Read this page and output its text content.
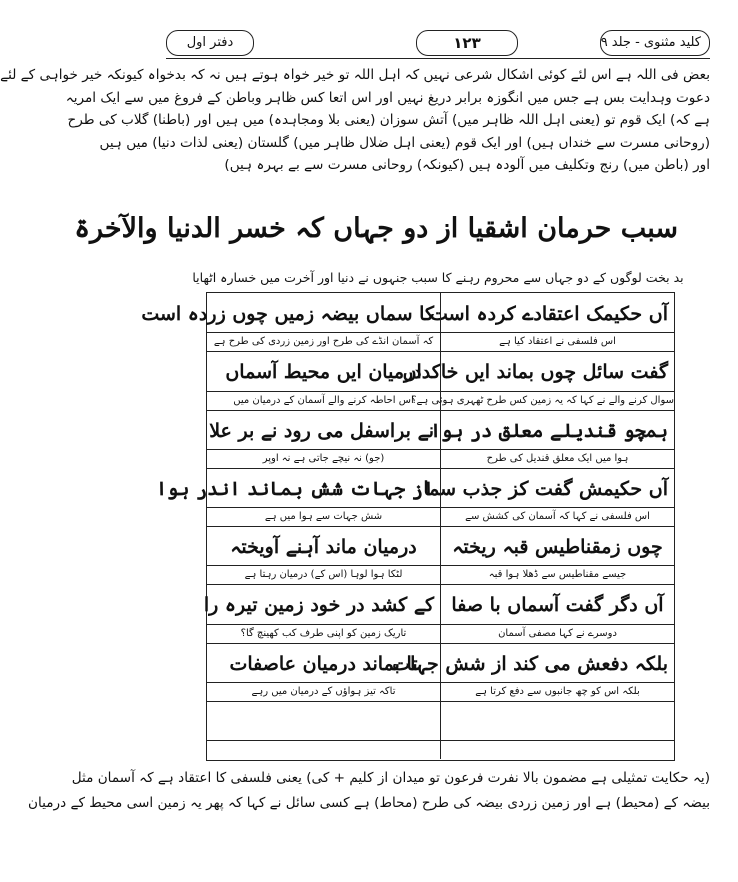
کلید مثنوی - جلد ۹
۱۲۳
دفتر اول

بعض فی اللہ ہے اس لئے کوئی اشکال شرعی نہیں کہ اہل اللہ تو خیر خواہ ہوتے ہیں نہ کہ بدخواہ کیونکہ خیر خواہی کے لئے

دعوت وہدایت بس ہے جس میں انگوزہ برابر دریغ نہیں اور اس اتعا کس ظاہر وباطن کے فروغ میں سے ایک امریہ

ہے کہ) ایک قوم تو (یعنی اہل اللہ ظاہر میں) آتش سوزان (یعنی بلا ومجاہدہ) میں ہیں اور (باطنا) گلاب کی طرح

(روحانی مسرت سے خنداں ہیں) اور ایک قوم (یعنی اہل ضلال ظاہر میں) گلستان (یعنی لذات دنیا) میں ہیں

اور (باطن میں) رنج وتکلیف میں آلودہ ہیں (کیونکہ) روحانی مسرت سے بے بہرہ ہیں)

سبب حرمان اشقیا از دو جہاں کہ خسر الدنیا والآخرۃ
بد بخت لوگوں کے دو جہاں سے محروم رہنے کا سبب جنہوں نے دنیا اور آخرت میں خسارہ اٹھایا
آں حکیمک اعتقادے کردہ است
اس فلسفی نے اعتقاد کیا ہے
کا سماں بیضہ زمیں چوں زردہ است
کہ آسمان انڈے کی طرح اور زمین زردی کی طرح ہے
گفت سائل چوں بماند ایں خاکداں
سوال کرنے والے نے کہا کہ یہ زمین کس طرح ٹھہری ہوئی ہے؟
درمیان ایں محیط آسماں
اس احاطہ کرنے والے آسمان کے درمیان میں
ہمچو قندیلے معلق در ہوا
ہوا میں ایک معلق قندیل کی طرح
نے براسفل می رود نے بر علا
(جو) نہ نیچے جاتی ہے نہ اوپر
آں حکیمش گفت کز جذب سما
اس فلسفی نے کہا کہ آسمان کی کشش سے
از جہات شش بماند اندر ہوا
شش جہات سے ہوا میں ہے
چوں زمقناطیس قبہ ریختہ
جیسے مقناطیس سے ڈھلا ہوا قبہ
درمیان ماند آہنے آویختہ
لٹکا ہوا لوہا (اس کے) درمیان رہتا ہے
آں دگر گفت آسماں با صفا
دوسرے نے کہا مصفی آسمان
کے کشد در خود زمین تیرہ را
تاریک زمین کو اپنی طرف کب کھینچ گا؟
بلکہ دفعش می کند از شش جہات
بلکہ اس کو چھ جانبوں سے دفع کرتا ہے
تا بماند درمیان عاصفات
تاکہ تیز ہواؤں کے درمیان میں رہے

(یہ حکایت تمثیلی ہے مضمون بالا نفرت فرعون تو میدان از کلیم + کی) یعنی فلسفی کا اعتقاد ہے کہ آسمان مثل

بیضہ کے (محیط) ہے اور زمین زردی بیضہ کی طرح (محاط) ہے کسی سائل نے کہا کہ پھر یہ زمین اسی محیط کے درمیان
